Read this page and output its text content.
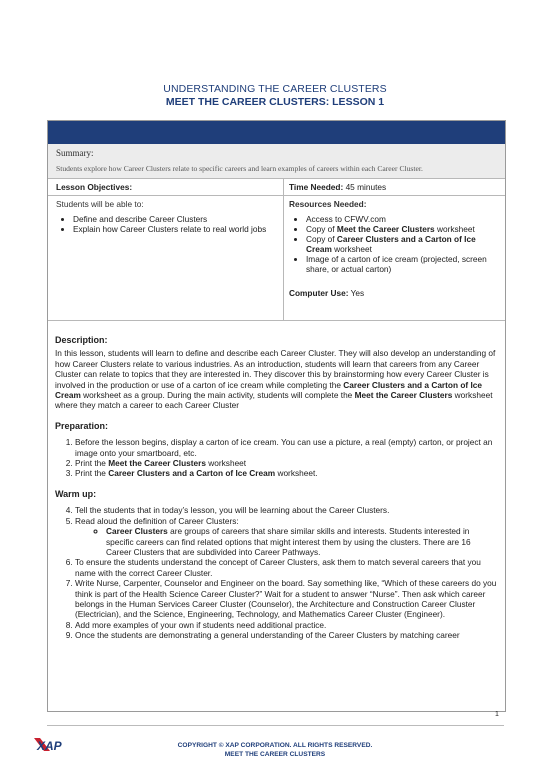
UNDERSTANDING THE CAREER CLUSTERS
MEET THE CAREER CLUSTERS: LESSON 1
Summary:
Students explore how Career Clusters relate to specific careers and learn examples of careers within each Career Cluster.
Lesson Objectives:
Students will be able to:
• Define and describe Career Clusters
• Explain how Career Clusters relate to real world jobs
Time Needed: 45 minutes
Resources Needed:
• Access to CFWV.com
• Copy of Meet the Career Clusters worksheet
• Copy of Career Clusters and a Carton of Ice Cream worksheet
• Image of a carton of ice cream (projected, screen share, or actual carton)
Computer Use: Yes
Description:

In this lesson, students will learn to define and describe each Career Cluster. They will also develop an understanding of how Career Clusters relate to various industries. As an introduction, students will learn that careers from any Career Cluster can relate to topics that they are interested in. They discover this by brainstorming how every Career Cluster is involved in the production or use of a carton of ice cream while completing the Career Clusters and a Carton of Ice Cream worksheet as a group. During the main activity, students will complete the Meet the Career Clusters worksheet where they match a career to each Career Cluster

Preparation:
1. Before the lesson begins, display a carton of ice cream. You can use a picture, a real (empty) carton, or project an image onto your smartboard, etc.
2. Print the Meet the Career Clusters worksheet
3. Print the Career Clusters and a Carton of Ice Cream worksheet.
Warm up:
4. Tell the students that in today’s lesson, you will be learning about the Career Clusters.
5. Read aloud the definition of Career Clusters:
◦ Career Clusters are groups of careers that share similar skills and interests. Students interested in specific careers can find related options that might interest them by using the clusters. There are 16 Career Clusters that are subdivided into Career Pathways.
6. To ensure the students understand the concept of Career Clusters, ask them to match several careers that you name with the correct Career Cluster.
7. Write Nurse, Carpenter, Counselor and Engineer on the board. Say something like, “Which of these careers do you think is part of the Health Science Career Cluster?” Wait for a student to answer “Nurse”. Then ask which career belongs in the Human Services Career Cluster (Counselor), the Architecture and Construction Career Cluster (Electrician), and the Science, Engineering, Technology, and Mathematics Career Cluster (Engineer).
8. Add more examples of your own if students need additional practice.
9. Once the students are demonstrating a general understanding of the Career Clusters by matching career
1
XAP	COPYRIGHT © XAP CORPORATION. ALL RIGHTS RESERVED.
MEET THE CAREER CLUSTERS
